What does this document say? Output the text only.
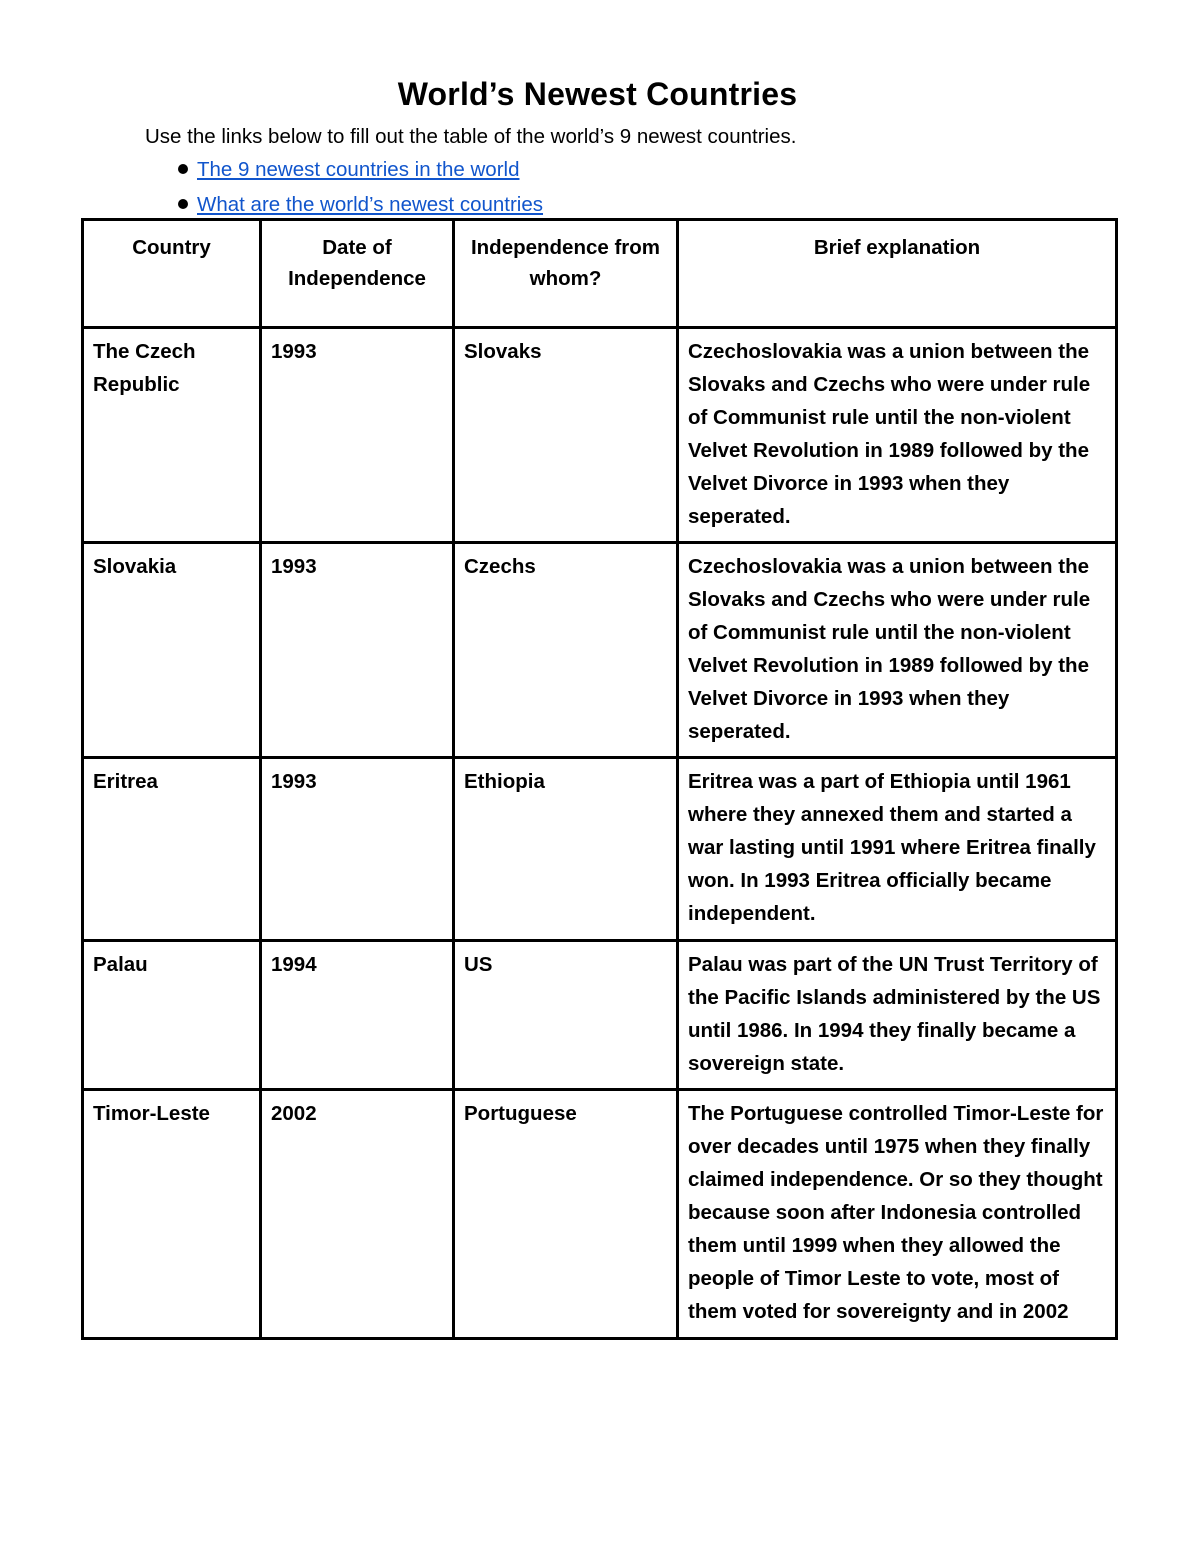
World’s Newest Countries
Use the links below to fill out the table of the world’s 9 newest countries.
The 9 newest countries in the world
What are the world’s newest countries
Country	Date of Independence	Independence from whom?	Brief explanation
The Czech Republic	1993	Slovaks	Czechoslovakia was a union between the Slovaks and Czechs who were under rule of Communist rule until the non-violent Velvet Revolution in 1989 followed by the Velvet Divorce in 1993 when they seperated.
Slovakia	1993	Czechs	Czechoslovakia was a union between the Slovaks and Czechs who were under rule of Communist rule until the non-violent Velvet Revolution in 1989 followed by the Velvet Divorce in 1993 when they seperated.
Eritrea	1993	Ethiopia	Eritrea was a part of Ethiopia until 1961 where they annexed them and started a war lasting until 1991 where Eritrea finally won. In 1993 Eritrea officially became independent.
Palau	1994	US	Palau was part of the UN Trust Territory of the Pacific Islands administered by the US until 1986. In 1994 they finally became a sovereign state.
Timor-Leste	2002	Portuguese	The Portuguese controlled Timor-Leste for over decades until 1975 when they finally claimed independence. Or so they thought because soon after Indonesia controlled them until 1999 when they allowed the people of Timor Leste to vote, most of them voted for sovereignty and in 2002
